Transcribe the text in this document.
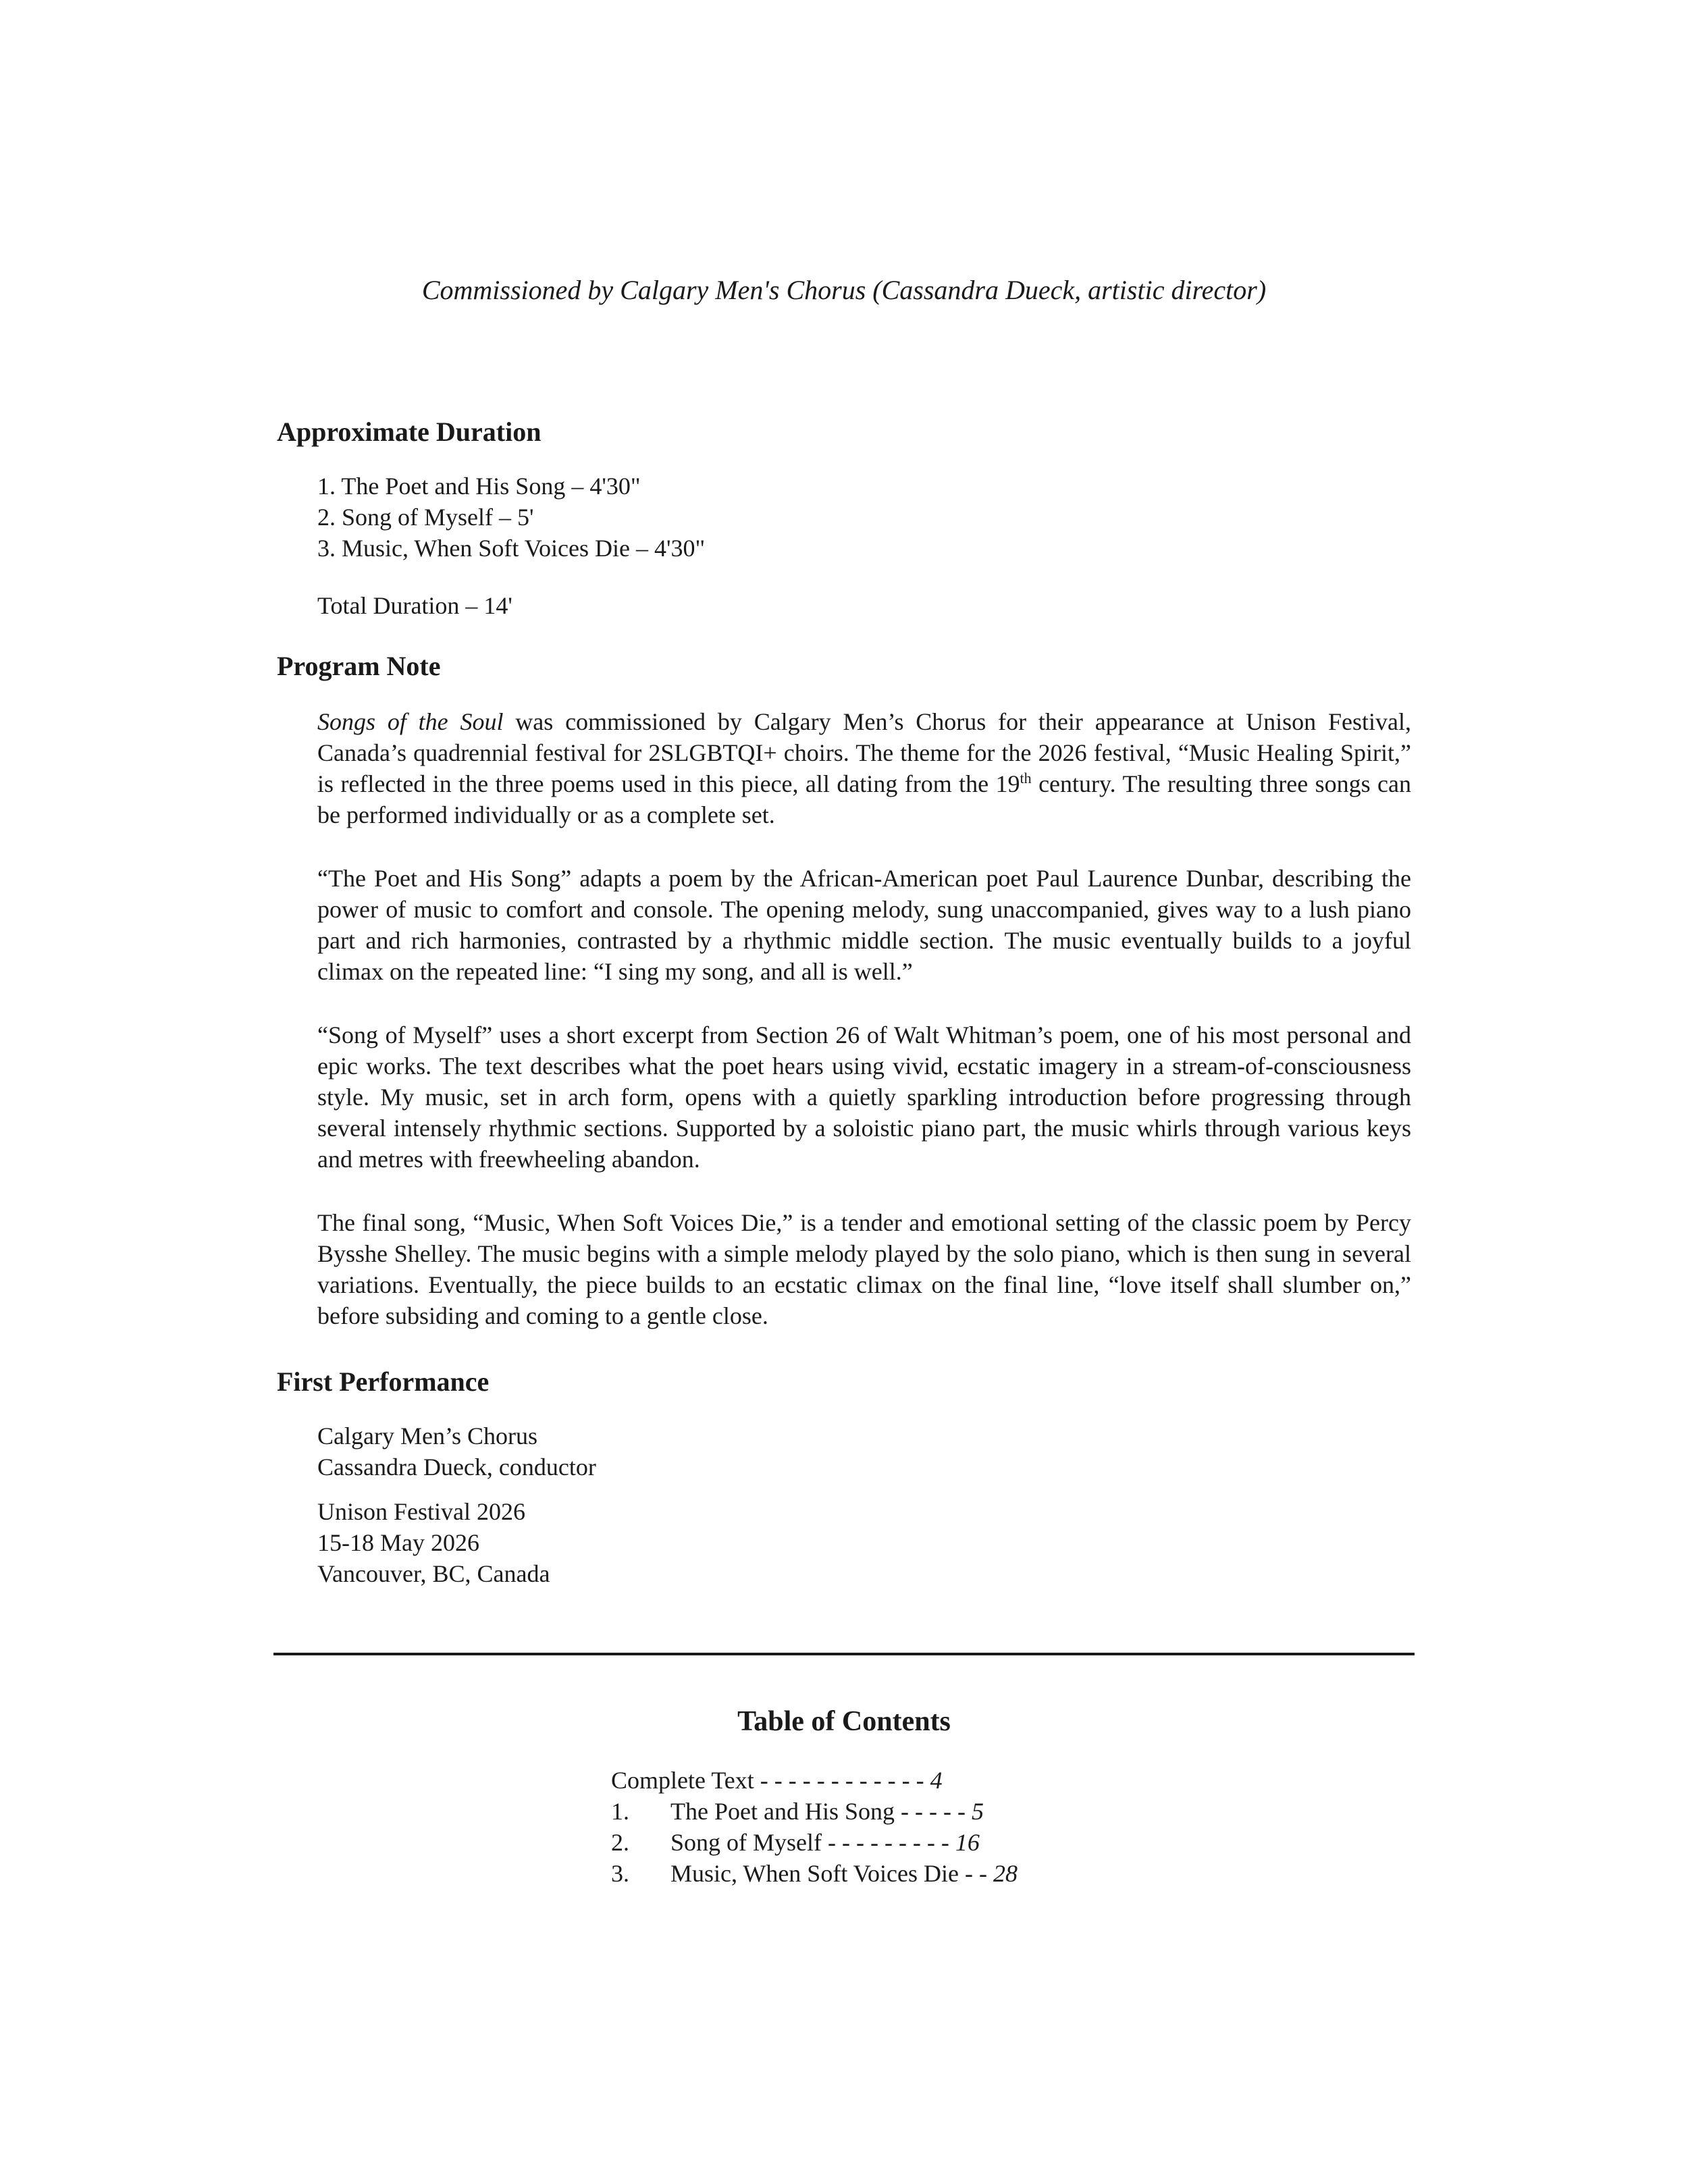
Commissioned by Calgary Men's Chorus (Cassandra Dueck, artistic director)
Approximate Duration

1. The Poet and His Song – 4'30"

2. Song of Myself – 5'

3. Music, When Soft Voices Die – 4'30"

Total Duration – 14'

Program Note

Songs of the Soul was commissioned by Calgary Men’s Chorus for their appearance at Unison Festival, Canada’s quadrennial festival for 2SLGBTQI+ choirs. The theme for the 2026 festival, “Music Healing Spirit,” is reflected in the three poems used in this piece, all dating from the 19th century. The resulting three songs can be performed individually or as a complete set.

“The Poet and His Song” adapts a poem by the African-American poet Paul Laurence Dunbar, describing the power of music to comfort and console. The opening melody, sung unaccompanied, gives way to a lush piano part and rich harmonies, contrasted by a rhythmic middle section. The music eventually builds to a joyful climax on the repeated line: “I sing my song, and all is well.”

“Song of Myself” uses a short excerpt from Section 26 of Walt Whitman’s poem, one of his most personal and epic works. The text describes what the poet hears using vivid, ecstatic imagery in a stream-of-consciousness style. My music, set in arch form, opens with a quietly sparkling introduction before progressing through several intensely rhythmic sections. Supported by a soloistic piano part, the music whirls through various keys and metres with freewheeling abandon.

The final song, “Music, When Soft Voices Die,” is a tender and emotional setting of the classic poem by Percy Bysshe Shelley. The music begins with a simple melody played by the solo piano, which is then sung in several variations. Eventually, the piece builds to an ecstatic climax on the final line, “love itself shall slumber on,” before subsiding and coming to a gentle close.

First Performance

Calgary Men’s Chorus

Cassandra Dueck, conductor

Unison Festival 2026

15-18 May 2026

Vancouver, BC, Canada

Table of Contents
Complete Text - - - - - - - - - - - - 4
1.	The Poet and His Song - - - - - 5
2.	Song of Myself - - - - - - - - - 16
3.	Music, When Soft Voices Die - - 28
